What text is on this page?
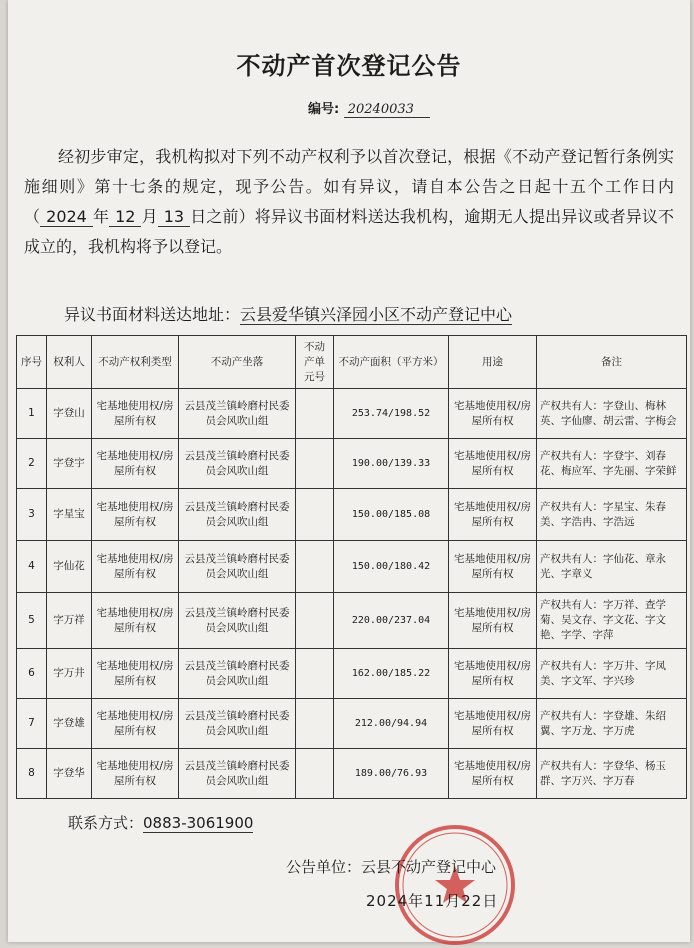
不动产首次登记公告
编号: 20240033
经初步审定，我机构拟对下列不动产权利予以首次登记，根据《不动产登记暂行条例实施细则》第十七条的规定，现予公告。如有异议，请自本公告之日起十五个工作日内（ 2024 年 12 月 13 日之前）将异议书面材料送达我机构，逾期无人提出异议或者异议不成立的，我机构将予以登记。
异议书面材料送达地址：云县爱华镇兴泽园小区不动产登记中心
序号	权利人	不动产权利类型	不动产坐落	不动产单元号	不动产面积（平方米）	用途	备注
1	字登山	宅基地使用权/房屋所有权	云县茂兰镇岭磨村民委员会风吹山组		253.74/198.52	宅基地使用权/房屋所有权	产权共有人：字登山、梅林英、字仙廖、胡云雷、字梅会
2	字登宇	宅基地使用权/房屋所有权	云县茂兰镇岭磨村民委员会风吹山组		190.00/139.33	宅基地使用权/房屋所有权	产权共有人：字登宇、刘春花、梅应军、字先丽、字荣鲜
3	字星宝	宅基地使用权/房屋所有权	云县茂兰镇岭磨村民委员会风吹山组		150.00/185.08	宅基地使用权/房屋所有权	产权共有人：字星宝、朱春美、字浩冉、字浩远
4	字仙花	宅基地使用权/房屋所有权	云县茂兰镇岭磨村民委员会风吹山组		150.00/180.42	宅基地使用权/房屋所有权	产权共有人：字仙花、章永光、字章义
5	字万祥	宅基地使用权/房屋所有权	云县茂兰镇岭磨村民委员会风吹山组		220.00/237.04	宅基地使用权/房屋所有权	产权共有人：字万祥、查学菊、吴文存、字文花、字文艳、字学、字萍
6	字万井	宅基地使用权/房屋所有权	云县茂兰镇岭磨村民委员会风吹山组		162.00/185.22	宅基地使用权/房屋所有权	产权共有人：字万井、字凤美、字文军、字兴珍
7	字登雄	宅基地使用权/房屋所有权	云县茂兰镇岭磨村民委员会风吹山组		212.00/94.94	宅基地使用权/房屋所有权	产权共有人：字登雄、朱绍翼、字万龙、字万虎
8	字登华	宅基地使用权/房屋所有权	云县茂兰镇岭磨村民委员会风吹山组		189.00/76.93	宅基地使用权/房屋所有权	产权共有人：字登华、杨玉群、字万兴、字万春
联系方式：0883-3061900
公告单位：云县不动产登记中心
2024年11月22日
